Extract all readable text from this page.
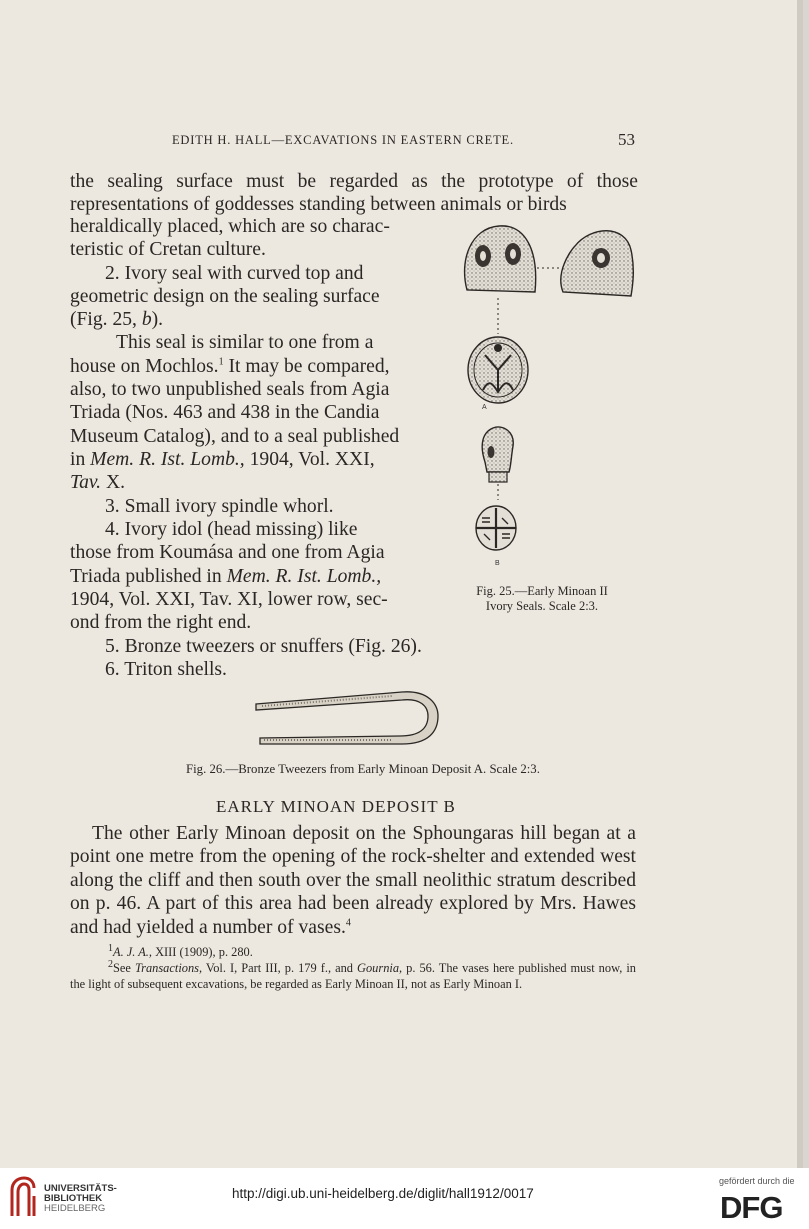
EDITH H. HALL—EXCAVATIONS IN EASTERN CRETE.	53
the sealing surface must be regarded as the prototype of those representations of goddesses standing between animals or birds
heraldically placed, which are so charac-
teristic of Cretan culture.
2. Ivory seal with curved top and
geometric design on the sealing surface
(Fig. 25, b).
This seal is similar to one from a
house on Mochlos.$^1$ It may be compared,
also, to two unpublished seals from Agia
Triada (Nos. 463 and 438 in the Candia
Museum Catalog), and to a seal published
in Mem. R. Ist. Lomb., 1904, Vol. XXI,
Tav. X.
3. Small ivory spindle whorl.
4. Ivory idol (head missing) like
those from Koumása and one from Agia
Triada published in Mem. R. Ist. Lomb.,
1904, Vol. XXI, Tav. XI, lower row, sec-
ond from the right end.
5. Bronze tweezers or snuffers (Fig. 26).
6. Triton shells.
A
B
Fig. 25.—Early Minoan II
Ivory Seals. Scale 2:3.
Fig. 26.—Bronze Tweezers from Early Minoan Deposit A. Scale 2:3.
EARLY MINOAN DEPOSIT B
The other Early Minoan deposit on the Sphoungaras hill began at a point one metre from the opening of the rock-shelter and extended west along the cliff and then south over the small neolithic stratum described on p. 46. A part of this area had been already explored by Mrs. Hawes and had yielded a number of vases.$^4$

$^1$A. J. A., XIII (1909), p. 280.

$^2$See Transactions, Vol. I, Part III, p. 179 f., and Gournia, p. 56. The vases here published must now, in the light of subsequent excavations, be regarded as Early Minoan II, not as Early Minoan I.

UNIVERSITÄTS-
BIBLIOTHEK
HEIDELBERG
http://digi.ub.uni-heidelberg.de/diglit/hall1912/0017
gefördert durch die
DFG
